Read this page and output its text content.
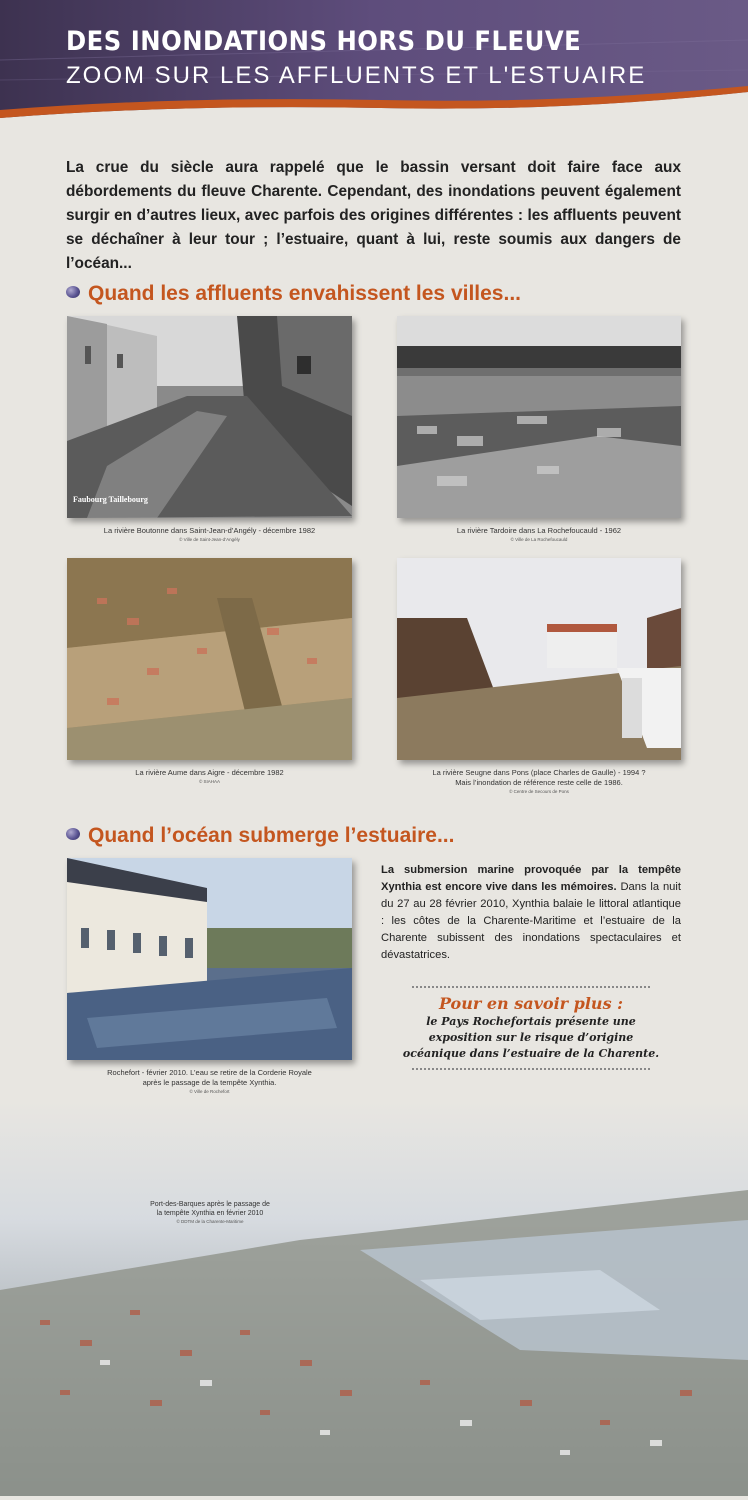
DES INONDATIONS HORS DU FLEUVE
ZOOM SUR LES AFFLUENTS ET L'ESTUAIRE
La crue du siècle aura rappelé que le bassin versant doit faire face aux débordements du fleuve Charente. Cependant, des inondations peuvent également surgir en d’autres lieux, avec parfois des origines différentes : les affluents peuvent se déchaîner à leur tour ; l’estuaire, quant à lui, reste soumis aux dangers de l’océan...
Quand les affluents envahissent les villes...
Faubourg Taillebourg
La rivière Boutonne dans Saint-Jean-d’Angély - décembre 1982
© Ville de Saint-Jean-d’Angély
La rivière Tardoire dans La Rochefoucauld - 1962
© Ville de La Rochefoucauld
La rivière Aume dans Aigre - décembre 1982
© SIAHAA
La rivière Seugne dans Pons (place Charles de Gaulle) - 1994 ?
Mais l’inondation de référence reste celle de 1986.
© Centre de Secours de Pons
Quand l’océan submerge l’estuaire...
Rochefort - février 2010. L’eau se retire de la Corderie Royale
après le passage de la tempête Xynthia.
© Ville de Rochefort
La submersion marine provoquée par la tempête Xynthia est encore vive dans les mémoires. Dans la nuit du 27 au 28 février 2010, Xynthia balaie le littoral atlantique : les côtes de la Charente-Maritime et l’estuaire de la Charente subissent des inondations spectaculaires et dévastatrices.
Pour en savoir plus :
le Pays Rochefortais présente une exposition sur le risque d’origine océanique dans l’estuaire de la Charente.
Port-des-Barques après le passage de
la tempête Xynthia en février 2010
© DDTM de la Charente-Maritime
